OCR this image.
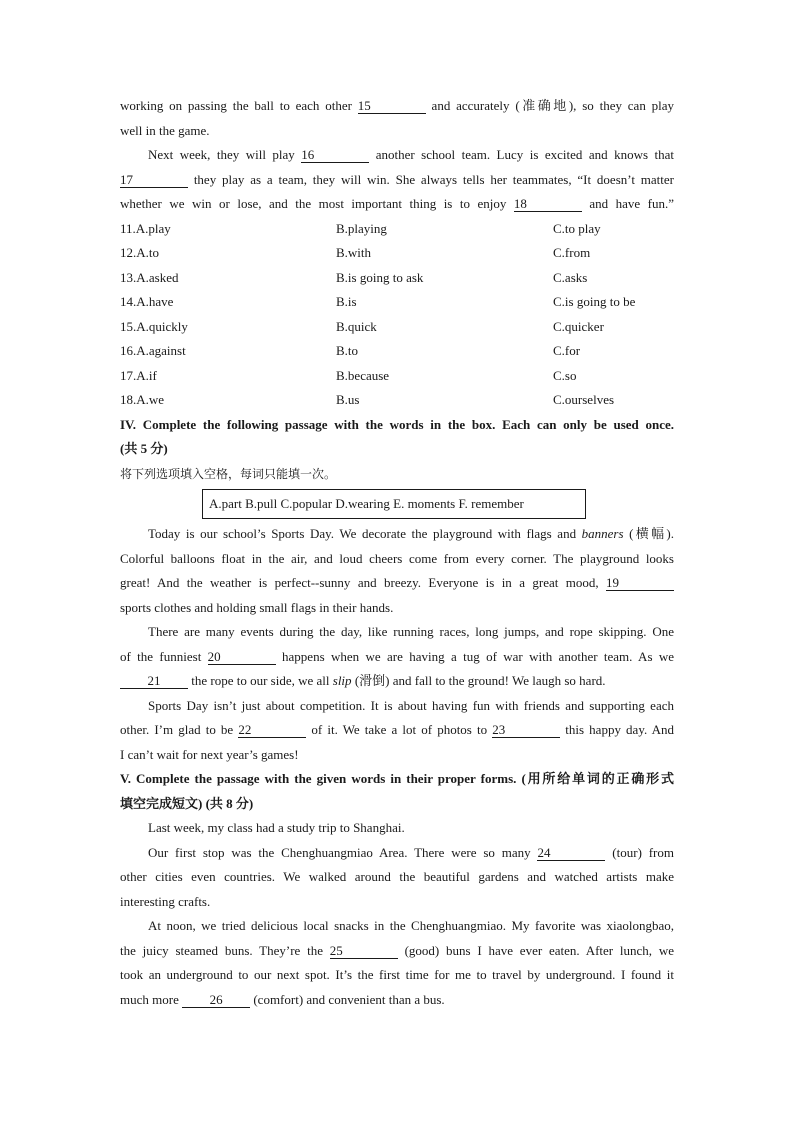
working on passing the ball to each other 15	and accurately (准确地), so they can play
well in the game.
Next week, they will play 16	another school team. Lucy is excited and knows that
17	they play as a team, they will win. She always tells her teammates, “It doesn’t matter
whether we win or lose, and the most important thing is to enjoy 18	and have fun.”
11.A.play	B.playing	C.to play
12.A.to	B.with	C.from
13.A.asked	B.is going to ask	C.asks
14.A.have	B.is	C.is going to be
15.A.quickly	B.quick	C.quicker
16.A.against	B.to	C.for
17.A.if	B.because	C.so
18.A.we	B.us	C.ourselves
IV. Complete the following passage with the words in the box. Each can only be used once.
(共 5 分)
将下列选项填入空格，每词只能填一次。
A.part B.pull C.popular D.wearing E. moments F. remember
Today is our school’s Sports Day. We decorate the playground with flags and banners (横幅).
Colorful balloons float in the air, and loud cheers come from every corner. The playground looks
great! And the weather is perfect--sunny and breezy. Everyone is in a great mood, 19
sports clothes and holding small flags in their hands.
There are many events during the day, like running races, long jumps, and rope skipping. One
of the funniest 20	happens when we are having a tug of war with another team. As we
21 the rope to our side, we all slip (滑倒) and fall to the ground! We laugh so hard.
Sports Day isn’t just about competition. It is about having fun with friends and supporting each
other. I’m glad to be 22	of it. We take a lot of photos to 23	this happy day. And
I can’t wait for next year’s games!
V. Complete the passage with the given words in their proper forms. (用所给单词的正确形式
填空完成短文) (共 8 分)
Last week, my class had a study trip to Shanghai.
Our first stop was the Chenghuangmiao Area. There were so many 24	(tour) from
other cities even countries. We walked around the beautiful gardens and watched artists make
interesting crafts.
At noon, we tried delicious local snacks in the Chenghuangmiao. My favorite was xiaolongbao,
the juicy steamed buns. They’re the 25	(good) buns I have ever eaten. After lunch, we
took an underground to our next spot. It’s the first time for me to travel by underground. I found it
much more 26 (comfort) and convenient than a bus.
